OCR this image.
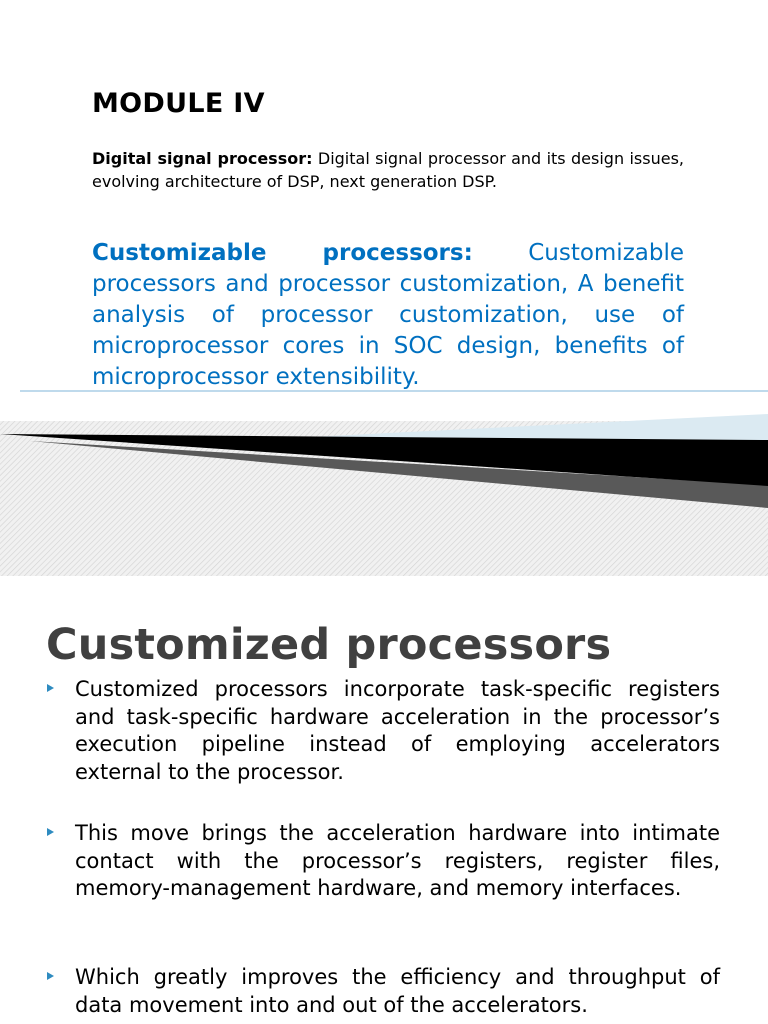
MODULE IV

Digital signal processor: Digital signal processor and its design issues, evolving architecture of DSP, next generation DSP.

Customizable processors: Customizable processors and processor customization, A benefit analysis of processor customization, use of microprocessor cores in SOC design, benefits of microprocessor extensibility.

Customized processors
Customized processors incorporate task-specific registers and task-specific hardware acceleration in the processor’s execution pipeline instead of employing accelerators external to the processor.
This move brings the acceleration hardware into intimate contact with the processor’s registers, register files, memory-management hardware, and memory interfaces.
Which greatly improves the efficiency and throughput of data movement into and out of the accelerators.
